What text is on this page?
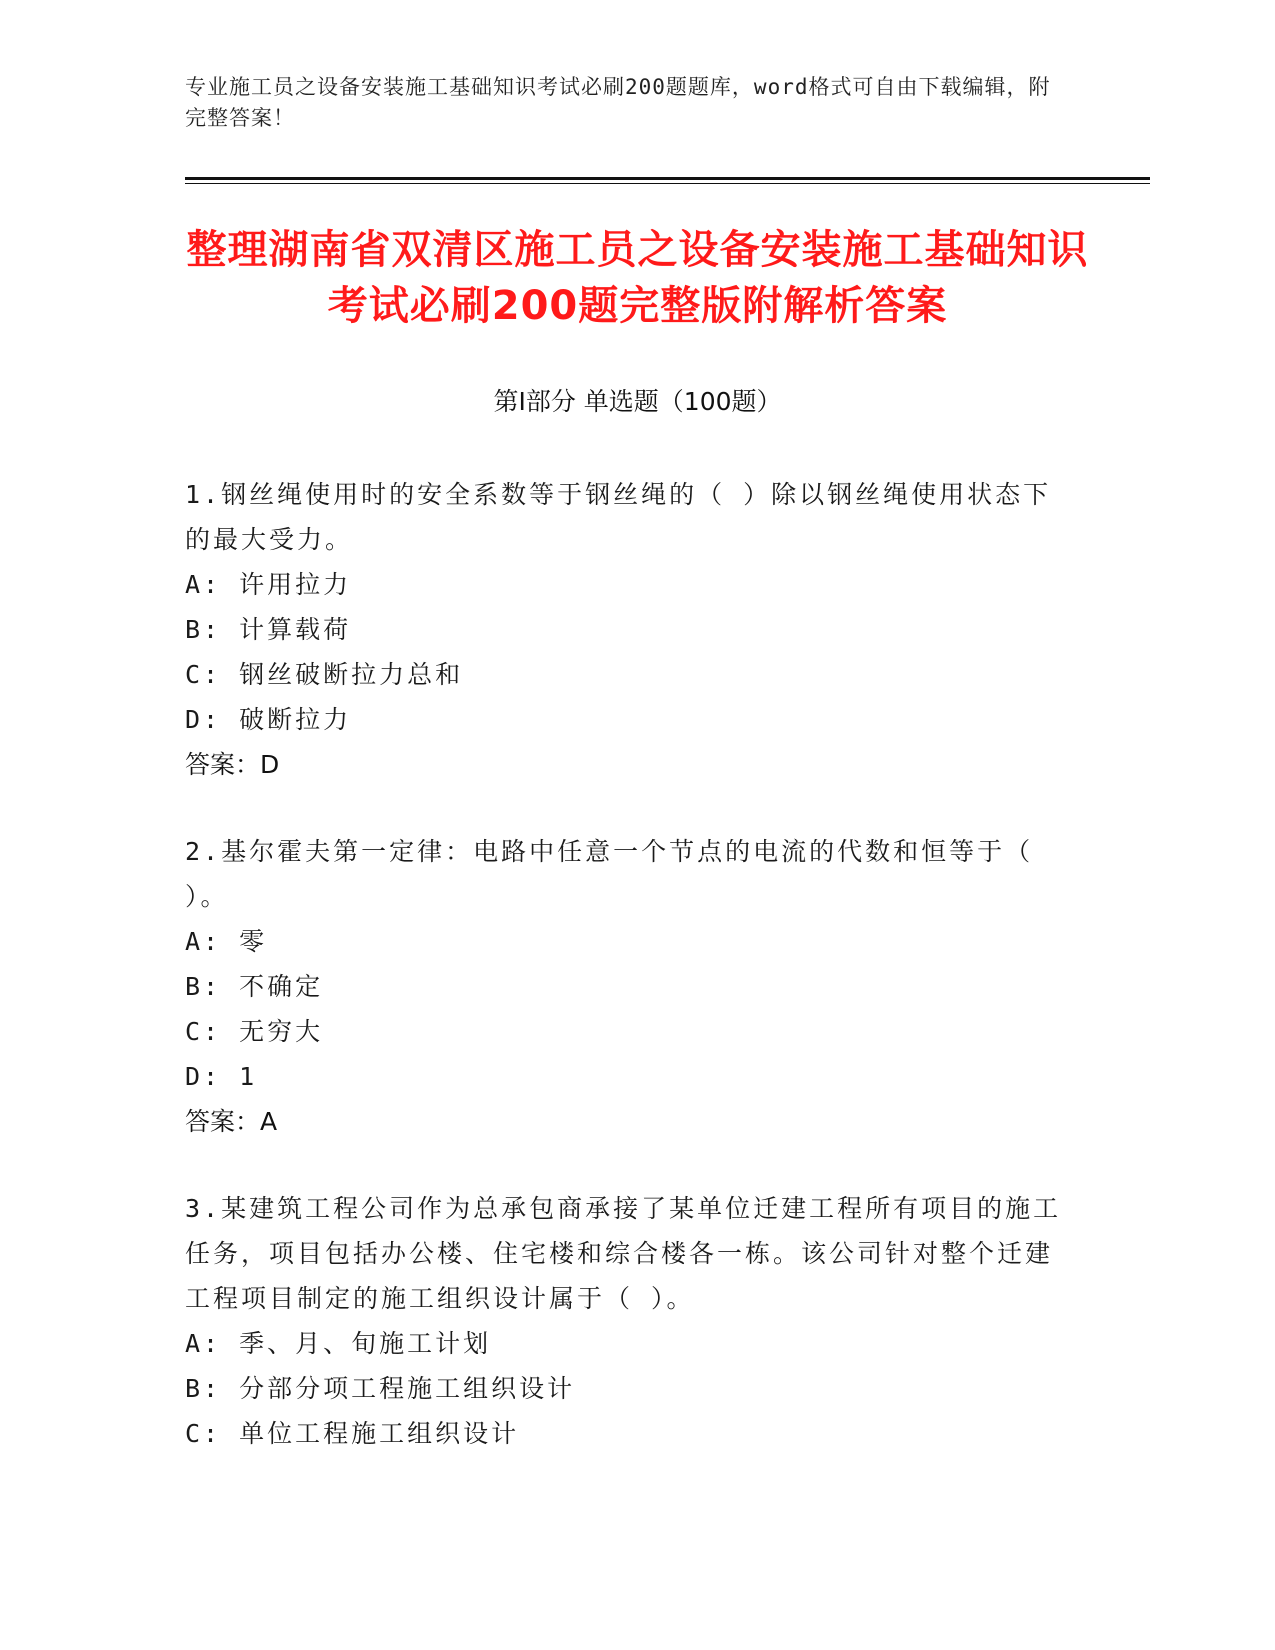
专业施工员之设备安装施工基础知识考试必刷200题题库，word格式可自由下载编辑，附完整答案！
整理湖南省双清区施工员之设备安装施工基础知识考试必刷200题完整版附解析答案
第Ⅰ部分 单选题（100题）
1.钢丝绳使用时的安全系数等于钢丝绳的（ ）除以钢丝绳使用状态下的最大受力。
A: 许用拉力
B: 计算载荷
C: 钢丝破断拉力总和
D: 破断拉力
答案：D
2.基尔霍夫第一定律：电路中任意一个节点的电流的代数和恒等于（ ）。
A: 零
B: 不确定
C: 无穷大
D: 1
答案：A
3.某建筑工程公司作为总承包商承接了某单位迁建工程所有项目的施工任务，项目包括办公楼、住宅楼和综合楼各一栋。该公司针对整个迁建工程项目制定的施工组织设计属于（ ）。
A: 季、月、旬施工计划
B: 分部分项工程施工组织设计
C: 单位工程施工组织设计
